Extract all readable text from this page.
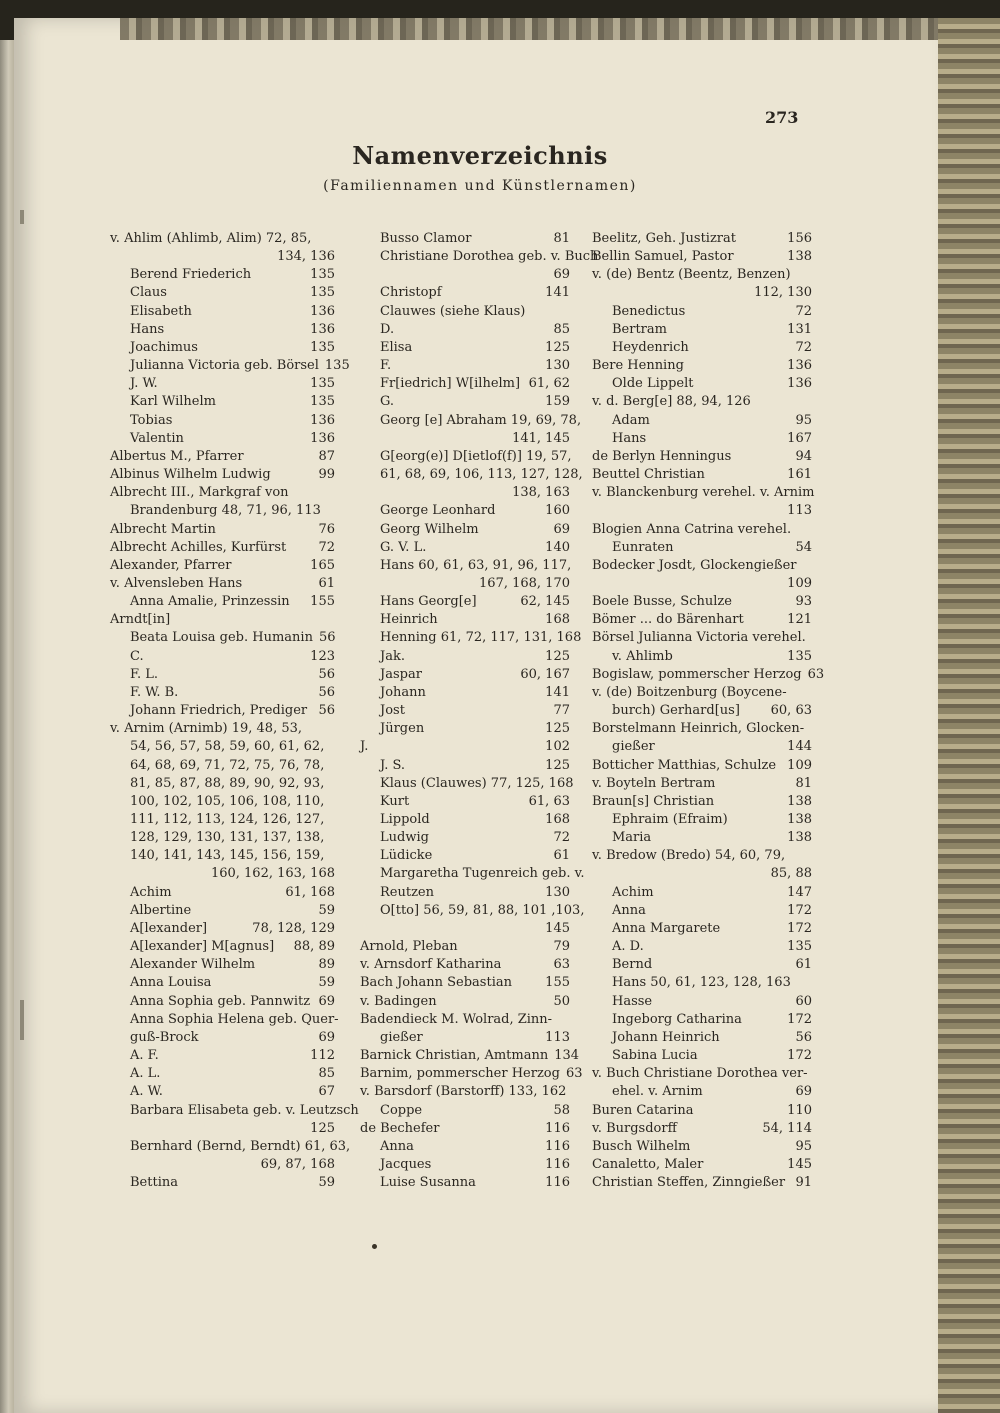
273
Namenverzeichnis
(Familiennamen und Künstlernamen)
v. Ahlim (Ahlimb, Alim) 72, 85,
134, 136
Berend Friederich	135
Claus	135
Elisabeth	136
Hans	136
Joachimus	135
Julianna Victoria geb. Börsel 135
J. W.	135
Karl Wilhelm	135
Tobias	136
Valentin	136
Albertus M., Pfarrer	87
Albinus Wilhelm Ludwig	99
Albrecht III., Markgraf von
Brandenburg 48, 71, 96, 113
Albrecht Martin	76
Albrecht Achilles, Kurfürst	72
Alexander, Pfarrer	165
v. Alvensleben Hans	61
Anna Amalie, Prinzessin	155
Arndt[in]
Beata Louisa geb. Humanin 56
C.	123
F. L.	56
F. W. B.	56
Johann Friedrich, Prediger 56
v. Arnim (Arnimb) 19, 48, 53,
54, 56, 57, 58, 59, 60, 61, 62,
64, 68, 69, 71, 72, 75, 76, 78,
81, 85, 87, 88, 89, 90, 92, 93,
100, 102, 105, 106, 108, 110,
111, 112, 113, 124, 126, 127,
128, 129, 130, 131, 137, 138,
140, 141, 143, 145, 156, 159,
160, 162, 163, 168
Achim	61, 168
Albertine	59
A[lexander]	78, 128, 129
A[lexander] M[agnus]	88, 89
Alexander Wilhelm	89
Anna Louisa	59
Anna Sophia geb. Pannwitz 69
Anna Sophia Helena geb. Quer-
guß-Brock	69
A. F.	112
A. L.	85
A. W.	67
Barbara Elisabeta geb. v. Leutzsch
125
Bernhard (Bernd, Berndt) 61, 63,
69, 87, 168
Bettina	59
Busso Clamor	81
Christiane Dorothea geb. v. Buch
69
Christopf	141
Clauwes (siehe Klaus)
D.	85
Elisa	125
F.	130
Fr[iedrich] W[ilhelm] 61, 62
G.	159
Georg [e] Abraham 19, 69, 78,
141, 145
G[eorg(e)] D[ietlof(f)] 19, 57,
61, 68, 69, 106, 113, 127, 128,
138, 163
George Leonhard	160
Georg Wilhelm	69
G. V. L.	140
Hans 60, 61, 63, 91, 96, 117,
167, 168, 170
Hans Georg[e]	62, 145
Heinrich	168
Henning 61, 72, 117, 131, 168
Jak.	125
Jaspar	60, 167
Johann	141
Jost	77
Jürgen	125
J.	102
J. S.	125
Klaus (Clauwes) 77, 125, 168
Kurt	61, 63
Lippold	168
Ludwig	72
Lüdicke	61
Margaretha Tugenreich geb. v.
Reutzen	130
O[tto] 56, 59, 81, 88, 101 ,103,
145
Arnold, Pleban	79
v. Arnsdorf Katharina	63
Bach Johann Sebastian	155
v. Badingen	50
Badendieck M. Wolrad, Zinn-
gießer	113
Barnick Christian, Amtmann 134
Barnim, pommerscher Herzog 63
v. Barsdorf (Barstorff) 133, 162
Coppe	58
de Bechefer	116
Anna	116
Jacques	116
Luise Susanna	116
Beelitz, Geh. Justizrat	156
Bellin Samuel, Pastor	138
v. (de) Bentz (Beentz, Benzen)
112, 130
Benedictus	72
Bertram	131
Heydenrich	72
Bere Henning	136
Olde Lippelt	136
v. d. Berg[e] 88, 94, 126
Adam	95
Hans	167
de Berlyn Henningus	94
Beuttel Christian	161
v. Blanckenburg verehel. v. Arnim
113
Blogien Anna Catrina verehel.
Eunraten	54
Bodecker Josdt, Glockengießer
109
Boele Busse, Schulze	93
Bömer ... do Bärenhart	121
Börsel Julianna Victoria verehel.
v. Ahlimb	135
Bogislaw, pommerscher Herzog 63
v. (de) Boitzenburg (Boycene-
burch) Gerhard[us]	60, 63
Borstelmann Heinrich, Glocken-
gießer	144
Botticher Matthias, Schulze 109
v. Boyteln Bertram	81
Braun[s] Christian	138
Ephraim (Efraim)	138
Maria	138
v. Bredow (Bredo) 54, 60, 79,
85, 88
Achim	147
Anna	172
Anna Margarete	172
A. D.	135
Bernd	61
Hans 50, 61, 123, 128, 163
Hasse	60
Ingeborg Catharina	172
Johann Heinrich	56
Sabina Lucia	172
v. Buch Christiane Dorothea ver-
ehel. v. Arnim	69
Buren Catarina	110
v. Burgsdorff	54, 114
Busch Wilhelm	95
Canaletto, Maler	145
Christian Steffen, Zinngießer 91
